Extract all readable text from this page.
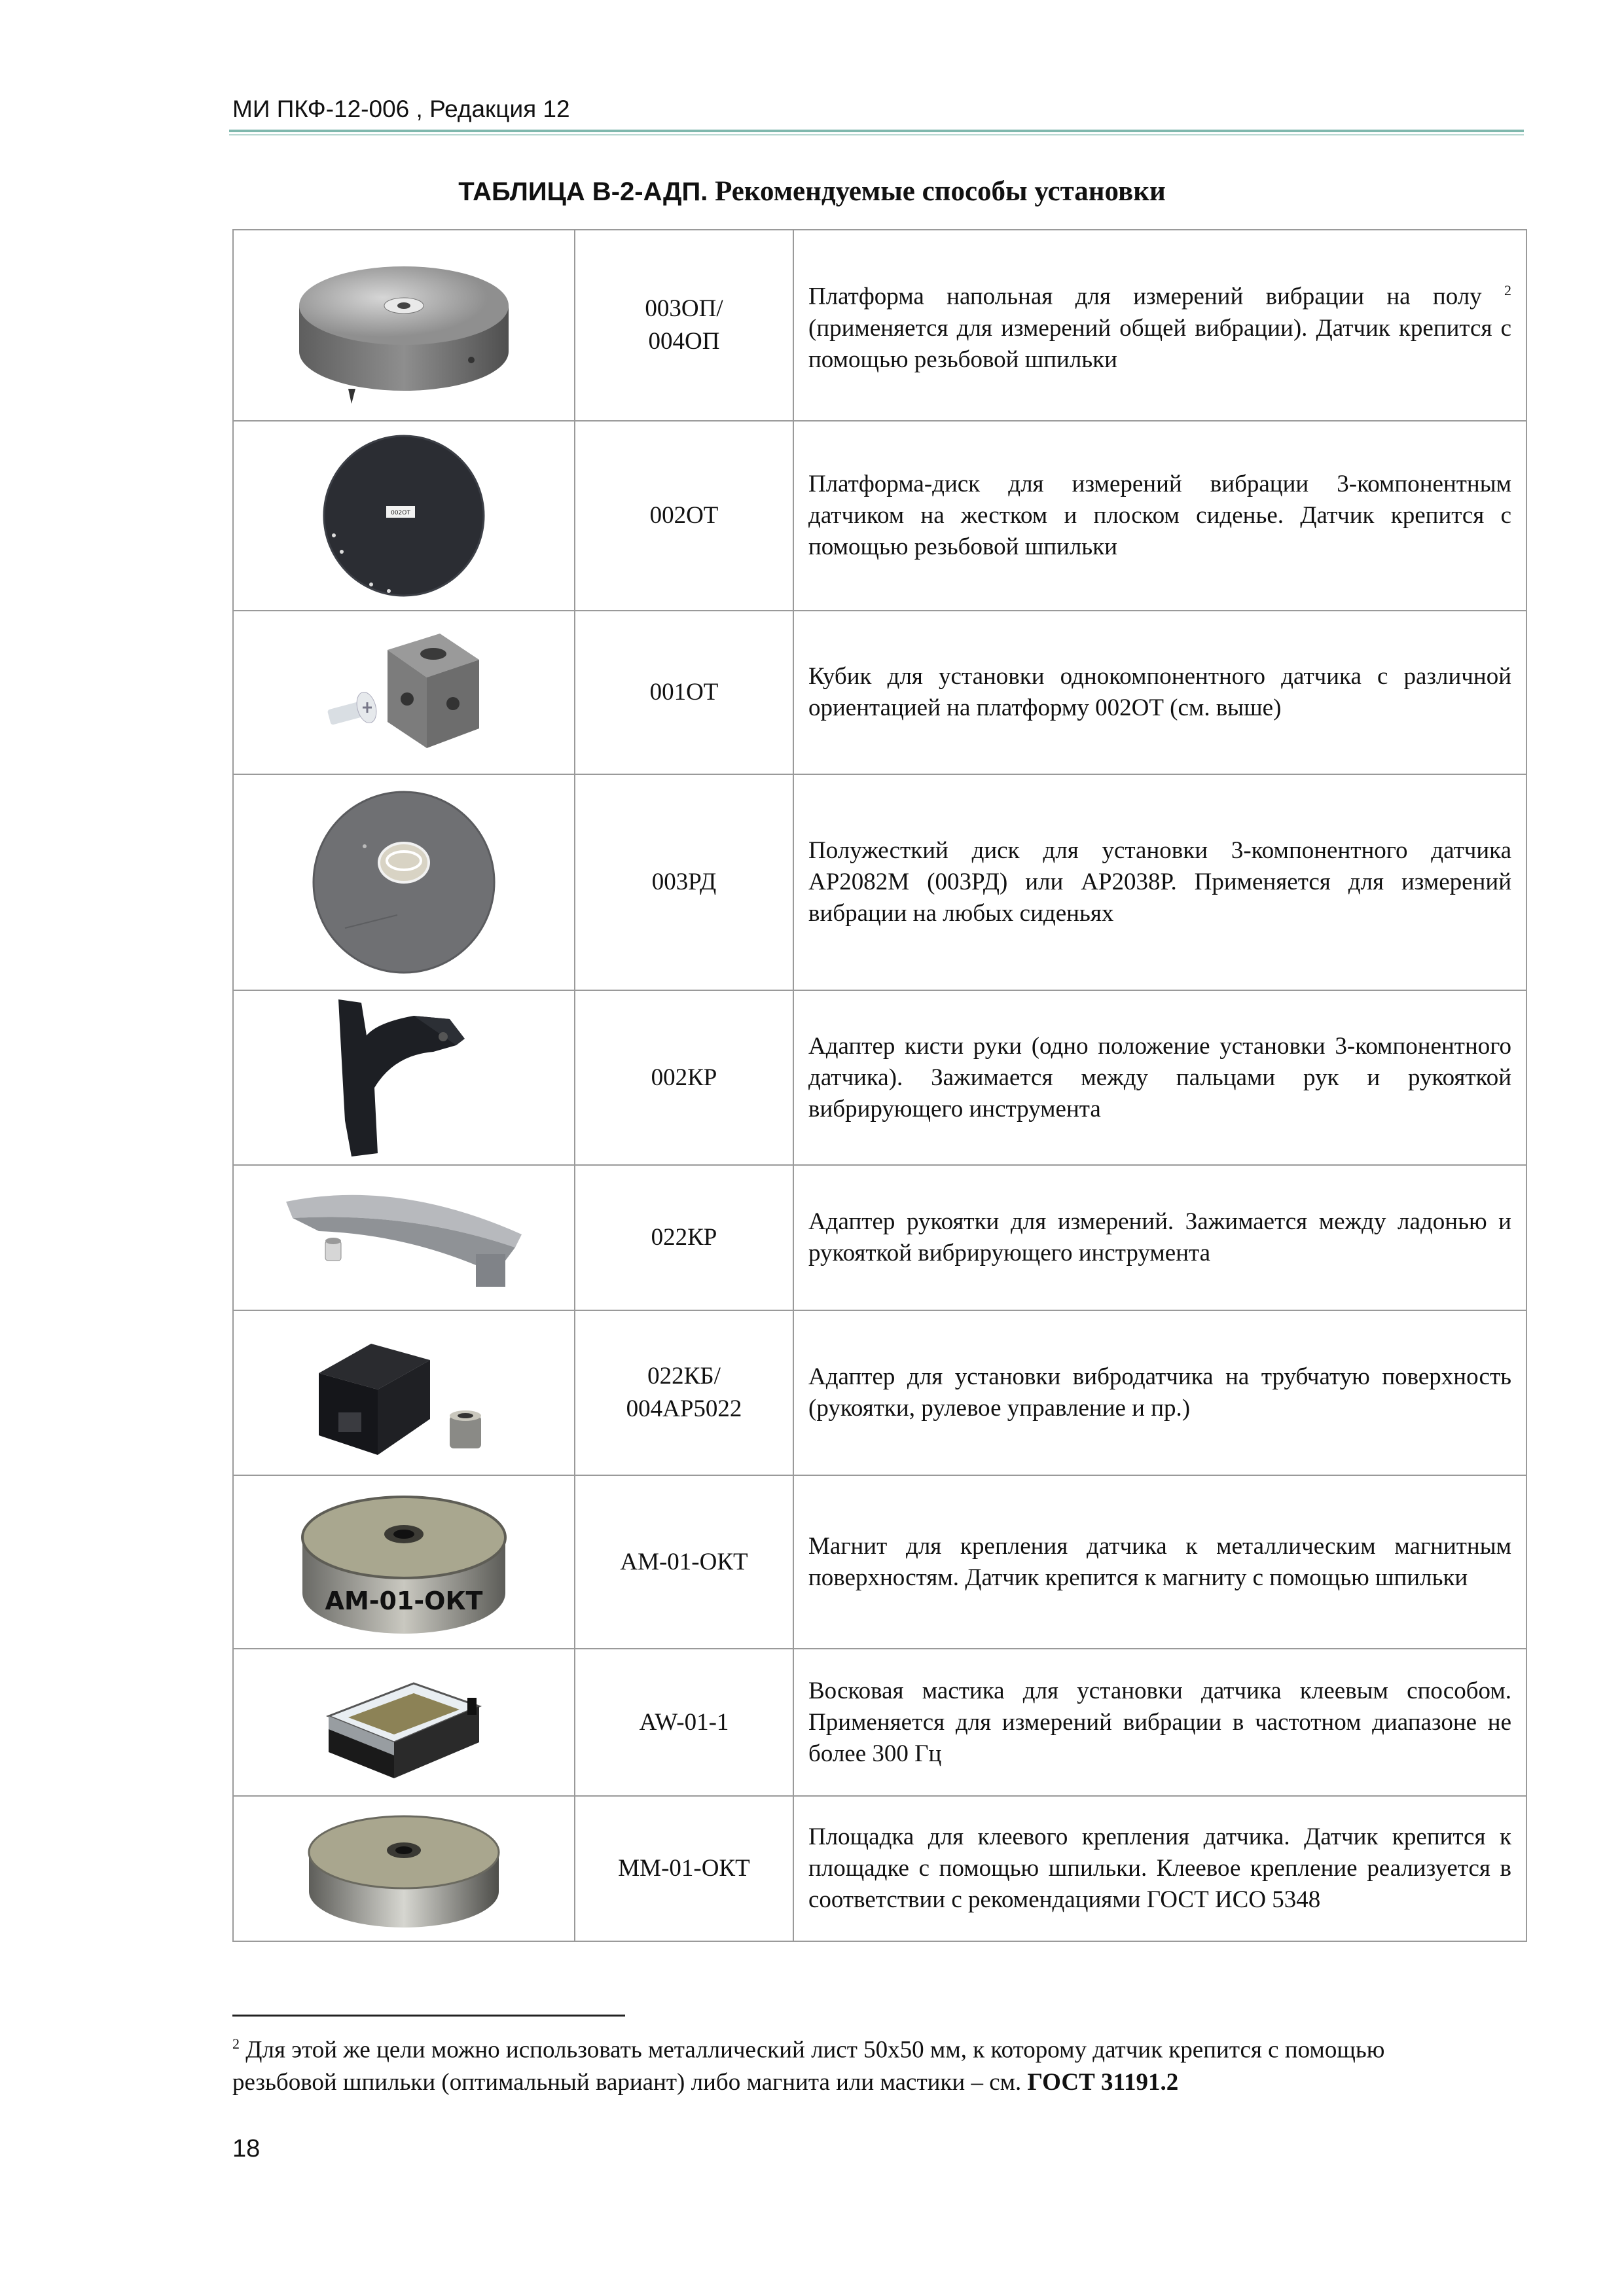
МИ ПКФ-12-006 , Редакция 12
ТАБЛИЦА В-2-АДП. Рекомендуемые способы установки
	003ОП/
004ОП	Платформа напольная для измерений вибрации на полу $^2$ (применяется для измерений общей вибрации). Датчик крепится с помощью резьбовой шпильки

002ОТ	002ОТ	Платформа-диск для измерений вибрации 3-компонентным датчиком на жестком и плоском сиденье. Датчик крепится с помощью резьбовой шпильки

	001ОТ	Кубик для установки однокомпонентного датчика с различной ориентацией на платформу 002ОТ (см. выше)

	003РД	Полужесткий диск для установки 3-компонентного датчика АР2082М (003РД) или АР2038Р. Применяется для измерений вибрации на любых сиденьях

	002КР	Адаптер кисти руки (одно положение установки 3-компонентного датчика). Зажимается между пальцами рук и рукояткой вибрирующего инструмента

	022КР	Адаптер рукоятки для измерений. Зажимается между ладонью и рукояткой вибрирующего инструмента

	022КБ/
004АР5022	Адаптер для установки вибродатчика на трубчатую поверхность (рукоятки, рулевое управление и пр.)

АМ-01-ОКТ	АМ-01-ОКТ	Магнит для крепления датчика к металлическим магнитным поверхностям. Датчик крепится к магниту с помощью шпильки

	AW-01-1	Восковая мастика для установки датчика клеевым способом. Применяется для измерений вибрации в частотном диапазоне не более 300 Гц

	ММ-01-ОКТ	Площадка для клеевого крепления датчика. Датчик крепится к площадке с помощью шпильки. Клеевое крепление реализуется в соответствии с рекомендациями ГОСТ ИСО 5348
$^2$ Для этой же цели можно использовать металлический лист 50х50 мм, к которому датчик крепится с помощью резьбовой шпильки (оптимальный вариант) либо магнита или мастики – см. ГОСТ 31191.2
18
